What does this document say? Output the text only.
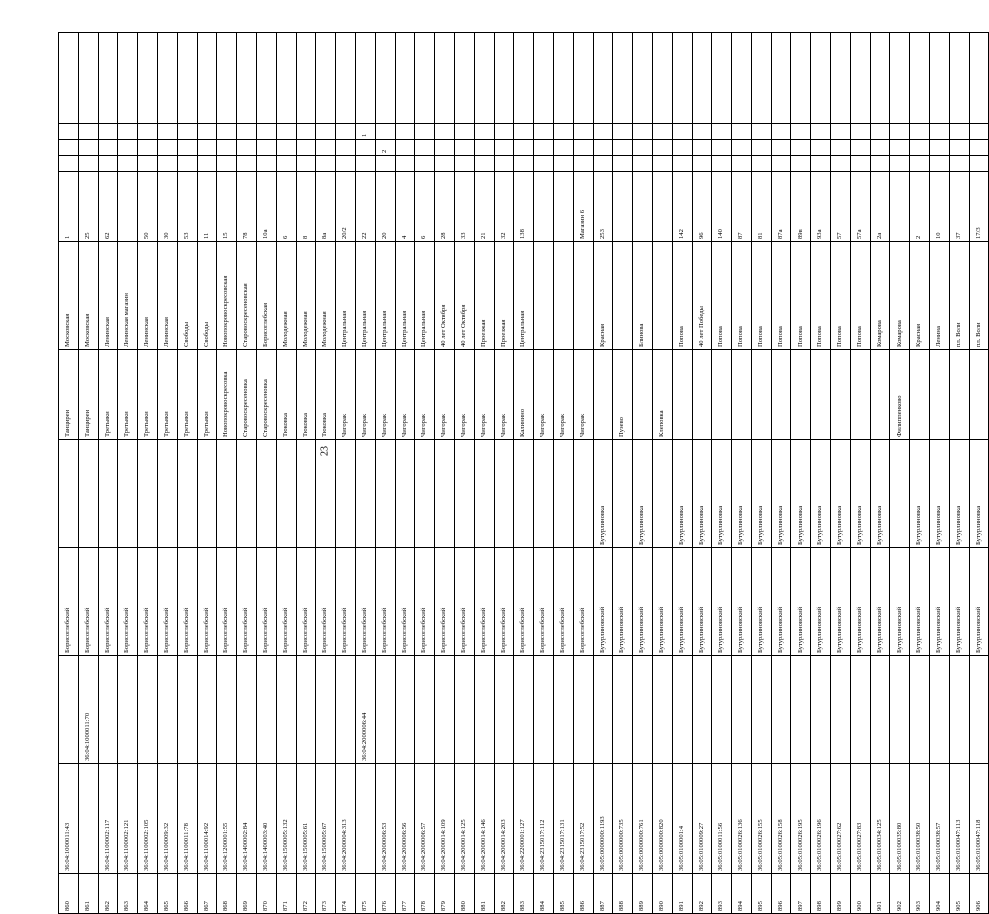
23
860	36:04:1000011:43		Борисоглебский		Танциреи	Московская	1				
861		36:04:1000011:70	Борисоглебский		Танциреи	Московская	25				
862	36:04:1100002:117		Борисоглебский		Третьяки	Ленинская	62				
863	36:04:1100002:121		Борисоглебский		Третьяки	Ленинская магазин					
864	36:04:1100002:105		Борисоглебский		Третьяки	Ленинская	50				
865	36:04:1100009:32		Борисоглебский		Третьяки	Ленинская	30				
866	36:04:1100011:78		Борисоглебский		Третьяки	Свободы	53				
867	36:04:1100014:92		Борисоглебский		Третьяки	Свободы	11				
868	36:04:1200001:55		Борисоглебский		Новопокровоскресовка	Новопокровоскресовская	15				
869	36:04:1400002:84		Борисоглебский		Старовоскресеновка	Старовоскресеновская	78				
870	36:04:1400003:40		Борисоглебский		Старовоскресеновка	Борисоглебская	10а				
871	36:04:1500005:132		Борисоглебский		Тюковка	Молодежная	6				
872	36:04:1500005:61		Борисоглебский		Тюковка	Молодежная	8				
873	36:04:1500005:67		Борисоглебский		Тюковка	Молодежная	8а				
874	36:04:2000004:313		Борисоглебский		Чигорак	Центральная	20/2				
875		36:04:2000006:44	Борисоглебский		Чигорак	Центральная	22			1	
876	36:04:2000006:53		Борисоглебский		Чигорак	Центральная	20		2		
877	36:04:2000006:56		Борисоглебский		Чигорак	Центральная	4				
878	36:04:2000006:57		Борисоглебский		Чигорак	Центральная	6				
879	36:04:2000014:109		Борисоглебский		Чигорак	40 лет Октября	28				
880	36:04:2000014:125		Борисоглебский		Чигорак	40 лет Октября	33				
881	36:04:2000014:146		Борисоглебский		Чигорак	Проезжая	21				
882	36:04:2000014:203		Борисоглебский		Чигорак	Проезжая	32				
883	36:04:2200001:127		Борисоглебский		Калинино	Центральная	138				
884	36:04:2315017:112		Борисоглебский		Чигорак						
885	36:04:2315017:131		Борисоглебский		Чигорак						
886	36:04:2315017:52		Борисоглебский		Чигорак		Магазин 6				
887	36:05:0000000:1193		Бутурлиновский	Бутурлиновка		Красная	253				
888	36:05:0000000:735		Бутурлиновский		Пузево						
889	36:05:0000000:761		Бутурлиновский	Бутурлиновка		Блинова					
890	36:05:0000000:820		Бутурлиновский		Клеповка						
891	36:05:0100001:4		Бутурлиновский	Бутурлиновка		Попова	142				
892	36:05:0100009:27		Бутурлиновский	Бутурлиновка		40 лет Победы	96				
893	36:05:0100011:56		Бутурлиновский	Бутурлиновка		Попова	140				
894	36:05:0100026:136		Бутурлиновский	Бутурлиновка		Попова	87				
895	36:05:0100026:155		Бутурлиновский	Бутурлиновка		Попова	81				
896	36:05:0100026:158		Бутурлиновский	Бутурлиновка		Попова	87а				
897	36:05:0100026:195		Бутурлиновский	Бутурлиновка		Попова	89в				
898	36:05:0100026:196		Бутурлиновский	Бутурлиновка		Попова	93а				
899	36:05:0100027:62		Бутурлиновский	Бутурлиновка		Попова	57				
900	36:05:0100027:83		Бутурлиновский	Бутурлиновка		Попова	57а				
901	36:05:0100034:125		Бутурлиновский	Бутурлиновка		Комарова	2а				
902	36:05:0100035:80		Бутурлиновский		Филиппенково	Комарова					
903	36:05:0100038:50		Бутурлиновский	Бутурлиновка		Красная	2				
904	36:05:0100038:57		Бутурлиновский	Бутурлиновка		Ленина	10				
905	36:05:0100047:113		Бутурлиновский	Бутурлиновка		пл. Воли	37				
906	36:05:0100047:118		Бутурлиновский	Бутурлиновка		пл. Воли	17/3				
